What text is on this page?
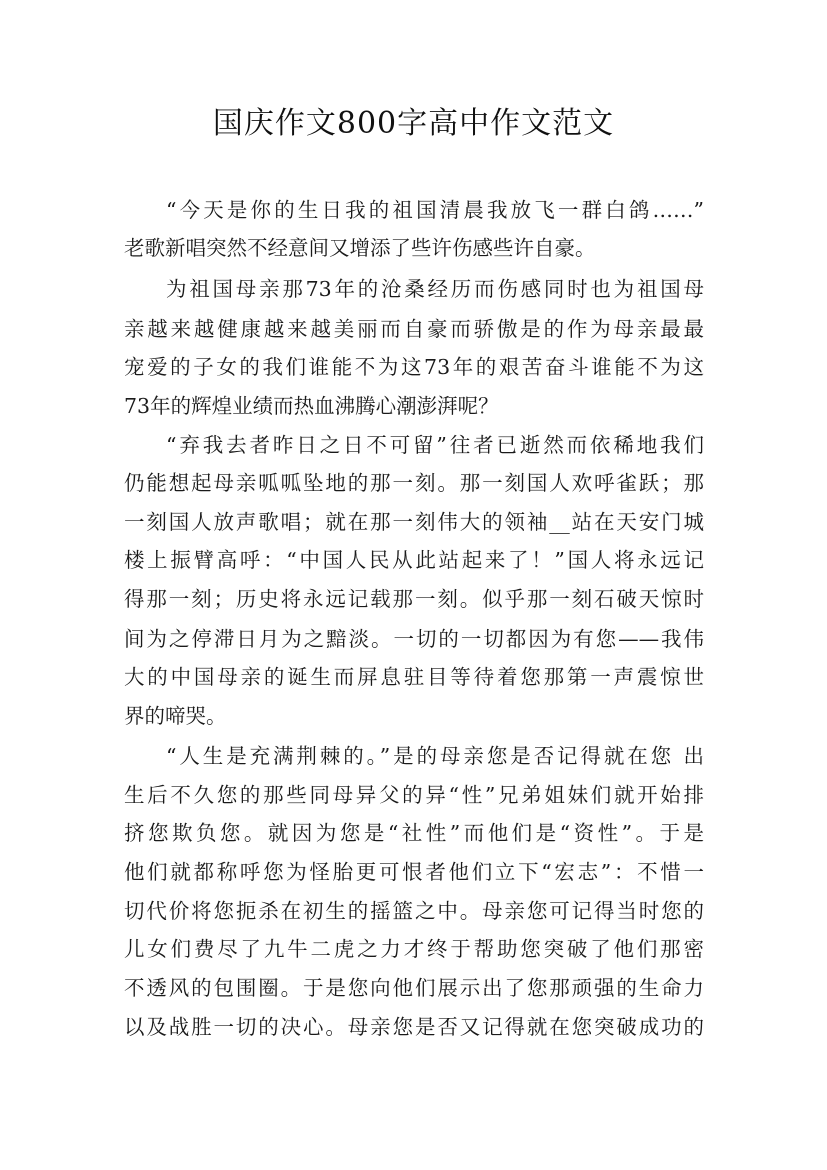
国庆作文800字高中作文范文
“今天是你的生日我的祖国清晨我放飞一群白鸽……”
老歌新唱突然不经意间又增添了些许伤感些许自豪。
为祖国母亲那73年的沧桑经历而伤感同时也为祖国母
亲越来越健康越来越美丽而自豪而骄傲是的作为母亲最最
宠爱的子女的我们谁能不为这73年的艰苦奋斗谁能不为这
73年的辉煌业绩而热血沸腾心潮澎湃呢？
“弃我去者昨日之日不可留”往者已逝然而依稀地我们
仍能想起母亲呱呱坠地的那一刻。那一刻国人欢呼雀跃；那
一刻国人放声歌唱；就在那一刻伟大的领袖__站在天安门城
楼上振臂高呼：“中国人民从此站起来了！”国人将永远记
得那一刻；历史将永远记载那一刻。似乎那一刻石破天惊时
间为之停滞日月为之黯淡。一切的一切都因为有您——我伟
大的中国母亲的诞生而屏息驻目等待着您那第一声震惊世
界的啼哭。
“人生是充满荆棘的。”是的母亲您是否记得就在您 出
生后不久您的那些同母异父的异“性”兄弟姐妹们就开始排
挤您欺负您。就因为您是“社性”而他们是“资性”。于是
他们就都称呼您为怪胎更可恨者他们立下“宏志”：不惜一
切代价将您扼杀在初生的摇篮之中。母亲您可记得当时您的
儿女们费尽了九牛二虎之力才终于帮助您突破了他们那密
不透风的包围圈。于是您向他们展示出了您那顽强的生命力
以及战胜一切的决心。母亲您是否又记得就在您突破成功的
